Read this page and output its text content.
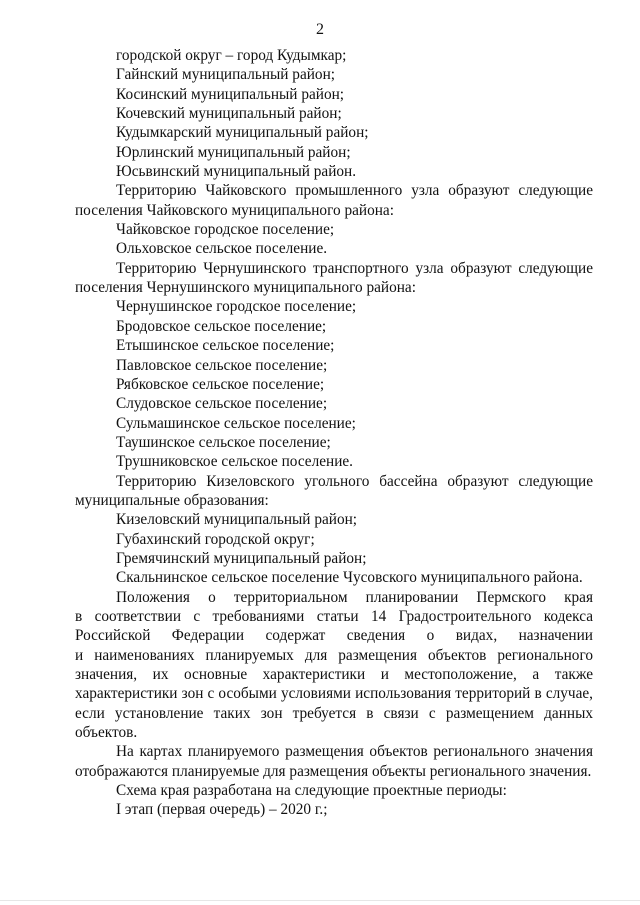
2
городской округ – город Кудымкар;
Гайнский муниципальный район;
Косинский муниципальный район;
Кочевский муниципальный район;
Кудымкарский муниципальный район;
Юрлинский муниципальный район;
Юсьвинский муниципальный район.
Территорию Чайковского промышленного узла образуют следующие
поселения Чайковского муниципального района:
Чайковское городское поселение;
Ольховское сельское поселение.
Территорию Чернушинского транспортного узла образуют следующие
поселения Чернушинского муниципального района:
Чернушинское городское поселение;
Бродовское сельское поселение;
Етышинское сельское поселение;
Павловское сельское поселение;
Рябковское сельское поселение;
Слудовское сельское поселение;
Сульмашинское сельское поселение;
Таушинское сельское поселение;
Трушниковское сельское поселение.
Территорию Кизеловского угольного бассейна образуют следующие
муниципальные образования:
Кизеловский муниципальный район;
Губахинский городской округ;
Гремячинский муниципальный район;
Скальнинское сельское поселение Чусовского муниципального района.
Положения о территориальном планировании Пермского края
в соответствии с требованиями статьи 14 Градостроительного кодекса
Российской Федерации содержат сведения о видах, назначении
и наименованиях планируемых для размещения объектов регионального
значения, их основные характеристики и местоположение, а также
характеристики зон с особыми условиями использования территорий в случае,
если установление таких зон требуется в связи с размещением данных
объектов.
На картах планируемого размещения объектов регионального значения
отображаются планируемые для размещения объекты регионального значения.
Схема края разработана на следующие проектные периоды:
I этап (первая очередь) – 2020 г.;
